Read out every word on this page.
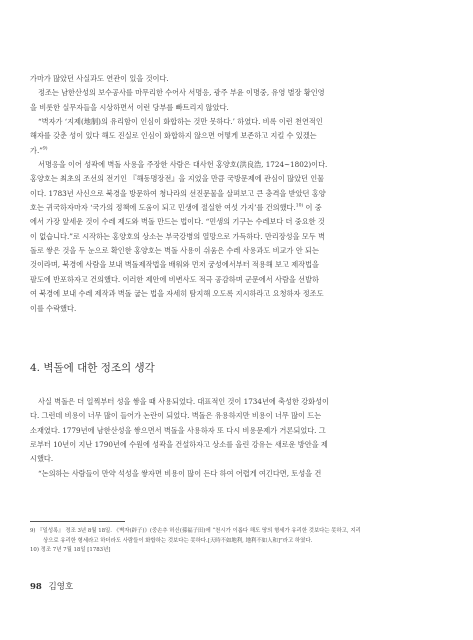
가마가 많았던 사실과도 연관이 있을 것이다.

정조는 남한산성의 보수공사를 마무리한 수어사 서명응, 광주 부윤 이명중, 유영 별장 황인영

을 비롯한 실무자들을 시상하면서 이런 당부를 빠트리지 않았다.

“벽자가 ‘지제(地制)의 유리함이 인심이 화합하는 것만 못하다.’ 하였다. 비록 이런 천연적인

해자를 갖춘 성이 있다 해도 진실로 인심이 화합하지 않으면 어떻게 보존하고 지킬 수 있겠는

가.”$^{9)}$

서명응을 이어 성곽에 벽돌 사용을 주장한 사람은 대사헌 홍양호(洪良浩, 1724~1802)이다.

홍양호는 최초의 조선의 전기인 『해동명장전』을 지었을 만큼 국방문제에 관심이 많았던 인물

이다. 1783년 사신으로 북경을 방문하여 청나라의 선진문물을 살펴보고 큰 충격을 받았던 홍양

호는 귀국하자마자 ‘국가의 정책에 도움이 되고 민생에 절실한 여섯 가지’를 건의했다.$^{10)}$ 이 중

에서 가장 앞세운 것이 수레 제도와 벽돌 만드는 법이다. “민생의 기구는 수레보다 더 중요한 것

이 없습니다.”로 시작하는 홍양호의 상소는 부국강병의 열망으로 가득하다. 만리장성을 모두 벽

돌로 쌓은 것을 두 눈으로 확인한 홍양호는 벽돌 사용이 쉬움은 수레 사용과도 비교가 안 되는

것이라며, 북경에 사람을 보내 벽돌제작법을 배워와 먼저 궁성에서부터 적용해 보고 제작법을

팔도에 반포하자고 건의했다. 이러한 제안에 비변사도 적극 공감하며 군문에서 사람을 선발하

여 북경에 보내 수레 제작과 벽돌 굽는 법을 자세히 탐지해 오도록 지시하라고 요청하자 정조도

이를 수락했다.

4. 벽돌에 대한 정조의 생각

사실 벽돌은 더 일찍부터 성을 쌓을 때 사용되었다. 대표적인 것이 1734년에 축성한 강화성이

다. 그런데 비용이 너무 많이 들어가 논란이 되었다. 벽돌은 유용하지만 비용이 너무 많이 드는

소재였다. 1779년에 남한산성을 쌓으면서 벽돌을 사용하자 또 다시 비용문제가 거론되었다. 그

로부터 10년이 지난 1790년에 수원에 성곽을 건설하자고 상소를 올린 강유는 새로운 방안을 제

시했다.

“논의하는 사람들이 만약 석성을 쌓자면 비용이 많이 든다 하여 어렵게 여긴다면, 토성을 건

9) 『일성록』 정조 3년 8월 18일. 《벽자(辟子)》(중손추 허신(孫福子田)에 “천시가 이롭다 해도 땅의 형세가 유리한 것보다는 못하고, 지리

상으로 유리한 형세라고 하더라도 사람들이 화합하는 것보다는 못하다.[天時不如地利, 地利不如人和]”라고 하였다.

10) 정조 7년 7월 18일 [1783년]

98 김영호
